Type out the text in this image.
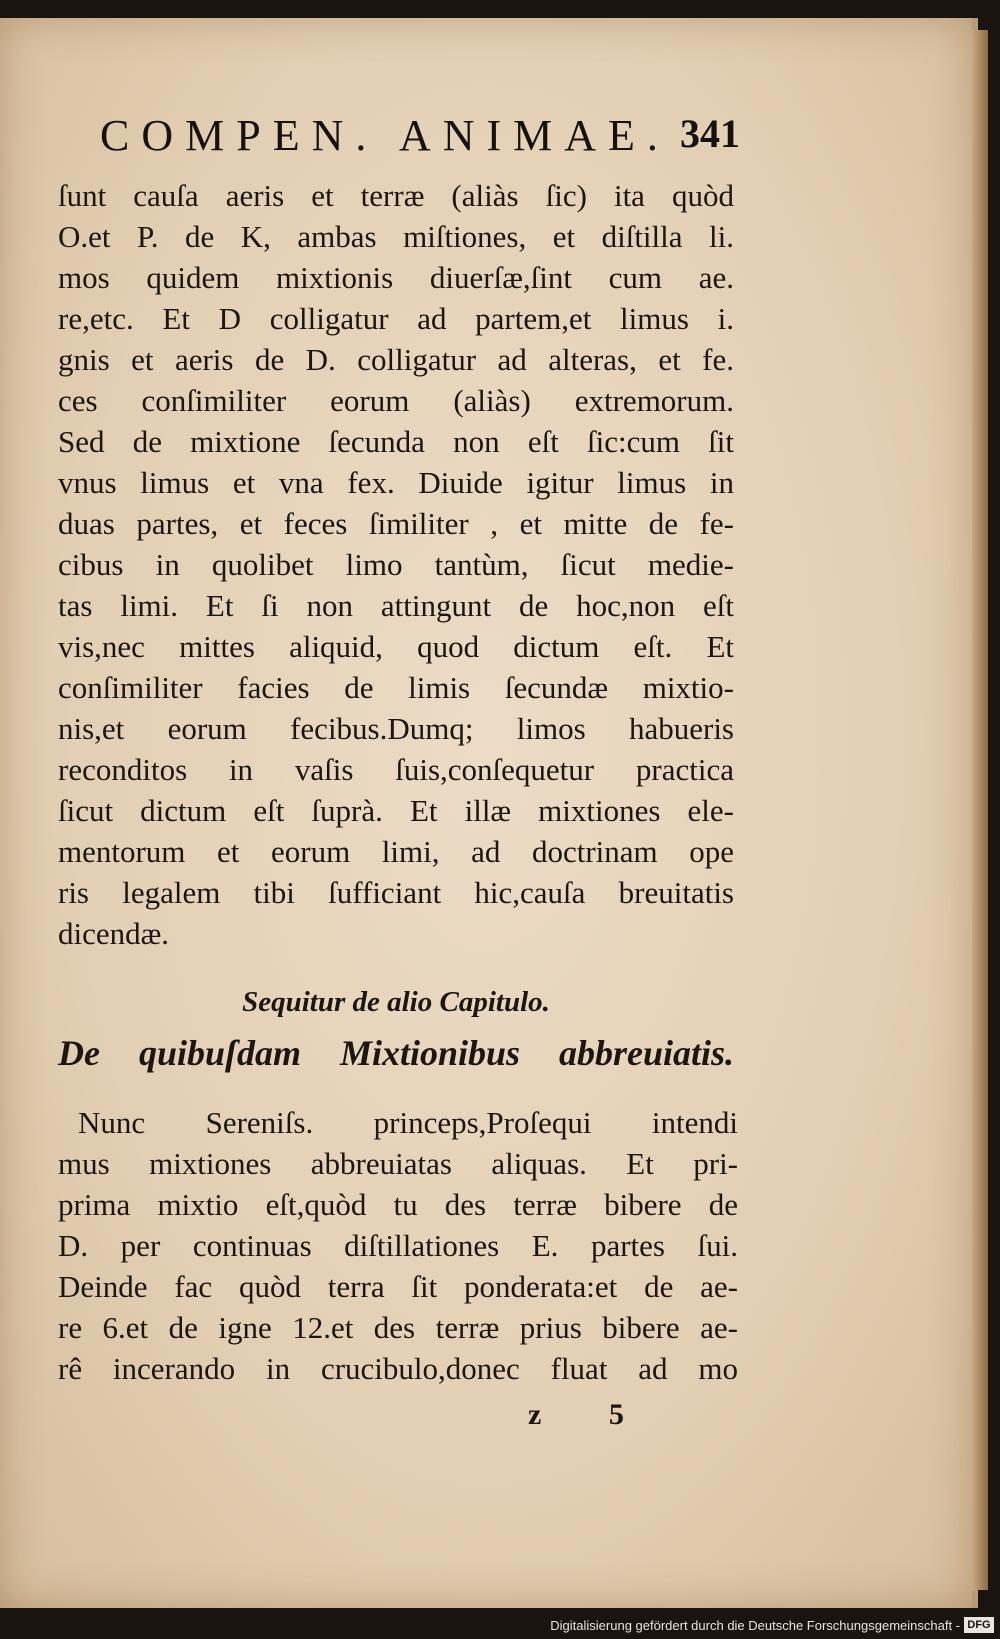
COMPEN. ANIMAE. 341
ſunt cauſa aeris et terræ (aliàs ſic) ita quòd
O.et P. de K, ambas miſtiones, et diſtilla li.
mos quidem mixtionis diuerſæ,ſint cum ae.
re,etc. Et D colligatur ad partem,et limus i.
gnis et aeris de D. colligatur ad alteras, et fe.
ces conſimiliter eorum (aliàs) extremorum.
Sed de mixtione ſecunda non eſt ſic:cum ſit
vnus limus et vna fex. Diuide igitur limus in
duas partes, et feces ſimiliter , et mitte de fe-
cibus in quolibet limo tantùm, ſicut medie-
tas limi. Et ſi non attingunt de hoc,non eſt
vis,nec mittes aliquid, quod dictum eſt. Et
conſimiliter facies de limis ſecundæ mixtio-
nis,et eorum fecibus.Dumq; limos habueris
reconditos in vaſis ſuis,conſequetur practica
ſicut dictum eſt ſuprà. Et illæ mixtiones ele-
mentorum et eorum limi, ad doctrinam ope
ris legalem tibi ſufficiant hic,cauſa breuitatis
dicendæ.
Sequitur de alio Capitulo.
De quibuſdam Mixtionibus abbreuiatis.
Nunc Sereniſs. princeps,Proſequi intendi
mus mixtiones abbreuiatas aliquas. Et pri-
prima mixtio eſt,quòd tu des terræ bibere de
D. per continuas diſtillationes E. partes ſui.
Deinde fac quòd terra ſit ponderata:et de ae-
re 6.et de igne 12.et des terræ prius bibere ae-
rê incerando in crucibulo,donec fluat ad mo
z 5
Digitalisierung gefördert durch die Deutsche Forschungsgemeinschaft - DFG
